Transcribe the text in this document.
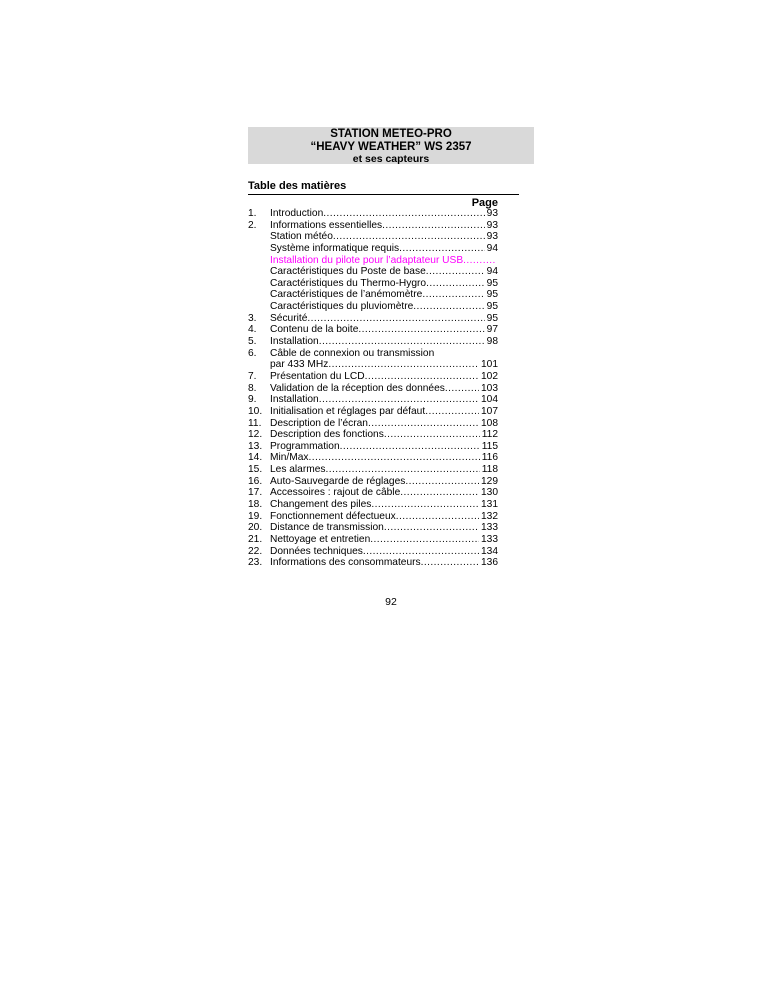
STATION METEO-PRO
“HEAVY WEATHER” WS 2357
et ses capteurs
Table des matières
Page
1. Introduction . . .	93
2. Informations essentielles . . .	93
Station météo . . .	93
Système informatique requis . . .	94
Installation du pilote pour l’adaptateur USB
. . .
Caractéristiques du Poste de base . . .	94
Caractéristiques du Thermo-Hygro . . .	95
Caractéristiques de l’anémomètre . . .	95
Caractéristiques du pluviomètre . . .	95
3. Sécurité . . .	95
4. Contenu de la boite . . .	97
5. Installation . . .	98
6. Câble de connexion ou transmission
par 433 MHz . . .	101
7. Présentation du LCD . . .	102
8. Validation de la réception des données . . .	103
9. Installation . . .	104
10. Initialisation et réglages par défaut . . .	107
11. Description de l’écran . . .	108
12. Description des fonctions . . .	112
13. Programmation . . .	115
14. Min/Max . . .	116
15. Les alarmes . . .	118
16. Auto-Sauvegarde de réglages . . .	129
17. Accessoires : rajout de câble . . .	130
18. Changement des piles . . .	131
19. Fonctionnement défectueux . . .	132
20. Distance de transmission . . .	133
21. Nettoyage et entretien . . .	133
22. Données techniques . . .	134
23. Informations des consommateurs . . .	136
92
